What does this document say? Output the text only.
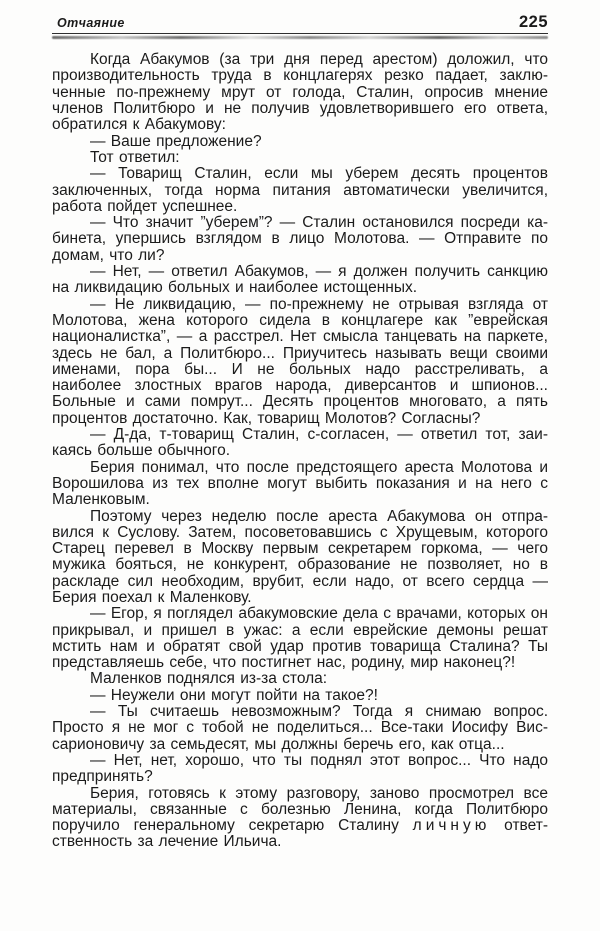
Отчаяние	225

Когда Абакумов (за три дня перед арестом) доложил, что производительность труда в концлагерях резко падает, заключенные по-прежнему мрут от голода, Сталин, опросив мнение членов Политбюро и не получив удовлетворившего его ответа, обратился к Абакумову:

— Ваше предложение?

Тот ответил:

— Товарищ Сталин, если мы уберем десять процентов заключенных, тогда норма питания автоматически увеличится, работа пойдет успешнее.

— Что значит ”уберем”? — Сталин остановился посреди кабинета, упершись взглядом в лицо Молотова. — Отправите по домам, что ли?

— Нет, — ответил Абакумов, — я должен получить санкцию на ликвидацию больных и наиболее истощенных.

— Не ликвидацию, — по-прежнему не отрывая взгляда от Молотова, жена которого сидела в концлагере как ”еврейская националистка”, — а расстрел. Нет смысла танцевать на паркете, здесь не бал, а Политбюро... Приучитесь называть вещи своими именами, пора бы... И не больных надо расстреливать, а наиболее злостных врагов народа, диверсантов и шпионов... Больные и сами помрут... Десять процентов многовато, а пять процентов достаточно. Как, товарищ Молотов? Согласны?

— Д-да, т-товарищ Сталин, с-согласен, — ответил тот, заикаясь больше обычного.

Берия понимал, что после предстоящего ареста Молотова и Ворошилова из тех вполне могут выбить показания и на него с Маленковым.

Поэтому через неделю после ареста Абакумова он отправился к Суслову. Затем, посоветовавшись с Хрущевым, которого Старец перевел в Москву первым секретарем горкома, — чего мужика бояться, не конкурент, образование не позволяет, но в раскладе сил необходим, врубит, если надо, от всего сердца — Берия поехал к Маленкову.

— Егор, я поглядел абакумовские дела с врачами, которых он прикрывал, и пришел в ужас: а если еврейские демоны решат мстить нам и обратят свой удар против товарища Сталина? Ты представляешь себе, что постигнет нас, родину, мир наконец?!

Маленков поднялся из-за стола:

— Неужели они могут пойти на такое?!

— Ты считаешь невозможным? Тогда я снимаю вопрос. Просто я не мог с тобой не поделиться... Все-таки Иосифу Виссарионовичу за семьдесят, мы должны беречь его, как отца...

— Нет, нет, хорошо, что ты поднял этот вопрос... Что надо предпринять?

Берия, готовясь к этому разговору, заново просмотрел все материалы, связанные с болезнью Ленина, когда Политбюро поручило генеральному секретарю Сталину личную ответственность за лечение Ильича.
